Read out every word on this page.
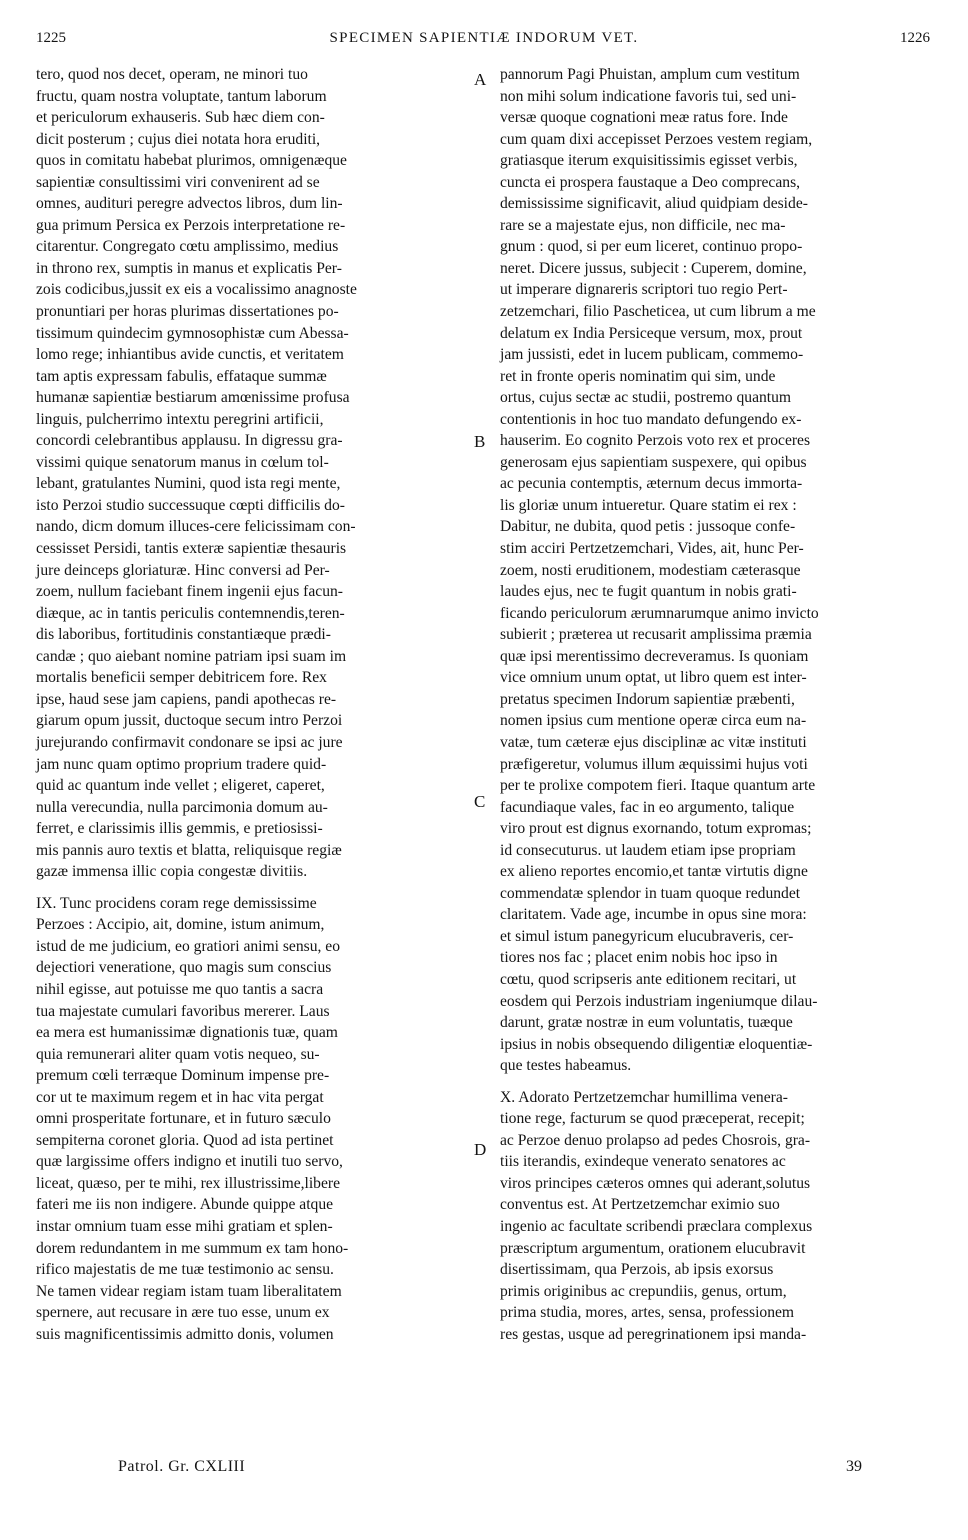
1225	SPECIMEN SAPIENTIÆ INDORUM VET.	1226

tero, quod nos decet, operam, ne minori tuo

fructu, quam nostra voluptate, tantum laborum

et periculorum exhauseris. Sub hæc diem con-

dicit posterum ; cujus diei notata hora eruditi,

quos in comitatu habebat plurimos, omnigenæque

sapientiæ consultissimi viri convenirent ad se

omnes, audituri peregre advectos libros, dum lin-

gua primum Persica ex Perzois interpretatione re-

citarentur. Congregato cœtu amplissimo, medius

in throno rex, sumptis in manus et explicatis Per-

zois codicibus,jussit ex eis a vocalissimo anagnoste

pronuntiari per horas plurimas dissertationes po-

tissimum quindecim gymnosophistæ cum Abessa-

lomo rege; inhiantibus avide cunctis, et veritatem

tam aptis expressam fabulis, effataque summæ

humanæ sapientiæ bestiarum amœnissime profusa

linguis, pulcherrimo intextu peregrini artificii,

concordi celebrantibus applausu. In digressu gra-

vissimi quique senatorum manus in cœlum tol-

lebant, gratulantes Numini, quod ista regi mente,

isto Perzoi studio successuque cœpti difficilis do-

nando, dicm domum illuces-cere felicissimam con-

cessisset Persidi, tantis exteræ sapientiæ thesauris

jure deinceps gloriaturæ. Hinc conversi ad Per-

zoem, nullum faciebant finem ingenii ejus facun-

diæque, ac in tantis periculis contemnendis,teren-

dis laboribus, fortitudinis constantiæque prædi-

candæ ; quo aiebant nomine patriam ipsi suam im

mortalis beneficii semper debitricem fore. Rex

ipse, haud sese jam capiens, pandi apothecas re-

giarum opum jussit, ductoque secum intro Perzoi

jurejurando confirmavit condonare se ipsi ac jure

jam nunc quam optimo proprium tradere quid-

quid ac quantum inde vellet ; eligeret, caperet,

nulla verecundia, nulla parcimonia domum au-

ferret, e clarissimis illis gemmis, e pretiosissi-

mis pannis auro textis et blatta, reliquisque regiæ

gazæ immensa illic copia congestæ divitiis.

IX. Tunc procidens coram rege demississime

Perzoes : Accipio, ait, domine, istum animum,

istud de me judicium, eo gratiori animi sensu, eo

dejectiori veneratione, quo magis sum conscius

nihil egisse, aut potuisse me quo tantis a sacra

tua majestate cumulari favoribus mererer. Laus

ea mera est humanissimæ dignationis tuæ, quam

quia remunerari aliter quam votis nequeo, su-

premum cœli terræque Dominum impense pre-

cor ut te maximum regem et in hac vita pergat

omni prosperitate fortunare, et in futuro sæculo

sempiterna coronet gloria. Quod ad ista pertinet

quæ largissime offers indigno et inutili tuo servo,

liceat, quæso, per te mihi, rex illustrissime,libere

fateri me iis non indigere. Abunde quippe atque

instar omnium tuam esse mihi gratiam et splen-

dorem redundantem in me summum ex tam hono-

rifico majestatis de me tuæ testimonio ac sensu.

Ne tamen videar regiam istam tuam liberalitatem

spernere, aut recusare in ære tuo esse, unum ex

suis magnificentissimis admitto donis, volumen

pannorum Pagi Phuistan, amplum cum vestitum

non mihi solum indicatione favoris tui, sed uni-

versæ quoque cognationi meæ ratus fore. Inde

cum quam dixi accepisset Perzoes vestem regiam,

gratiasque iterum exquisitissimis egisset verbis,

cuncta ei prospera faustaque a Deo comprecans,

demississime significavit, aliud quidpiam deside-

rare se a majestate ejus, non difficile, nec ma-

gnum : quod, si per eum liceret, continuo propo-

neret. Dicere jussus, subjecit : Cuperem, domine,

ut imperare dignareris scriptori tuo regio Pert-

zetzemchari, filio Pascheticea, ut cum librum a me

delatum ex India Persiceque versum, mox, prout

jam jussisti, edet in lucem publicam, commemo-

ret in fronte operis nominatim qui sim, unde

ortus, cujus sectæ ac studii, postremo quantum

contentionis in hoc tuo mandato defungendo ex-

hauserim. Eo cognito Perzois voto rex et proceres

generosam ejus sapientiam suspexere, qui opibus

ac pecunia contemptis, æternum decus immorta-

lis gloriæ unum intueretur. Quare statim ei rex :

Dabitur, ne dubita, quod petis : jussoque confe-

stim acciri Pertzetzemchari, Vides, ait, hunc Per-

zoem, nosti eruditionem, modestiam cæterasque

laudes ejus, nec te fugit quantum in nobis grati-

ficando periculorum ærumnarumque animo invicto

subierit ; præterea ut recusarit amplissima præmia

quæ ipsi merentissimo decreveramus. Is quoniam

vice omnium unum optat, ut libro quem est inter-

pretatus specimen Indorum sapientiæ præbenti,

nomen ipsius cum mentione operæ circa eum na-

vatæ, tum cæteræ ejus disciplinæ ac vitæ instituti

præfigeretur, volumus illum æquissimi hujus voti

per te prolixe compotem fieri. Itaque quantum arte

facundiaque vales, fac in eo argumento, talique

viro prout est dignus exornando, totum expromas;

id consecuturus. ut laudem etiam ipse propriam

ex alieno reportes encomio,et tantæ virtutis digne

commendatæ splendor in tuam quoque redundet

claritatem. Vade age, incumbe in opus sine mora:

et simul istum panegyricum elucubraveris, cer-

tiores nos fac ; placet enim nobis hoc ipso in

cœtu, quod scripseris ante editionem recitari, ut

eosdem qui Perzois industriam ingeniumque dilau-

darunt, gratæ nostræ in eum voluntatis, tuæque

ipsius in nobis obsequendo diligentiæ eloquentiæ-

que testes habeamus.

X. Adorato Pertzetzemchar humillima venera-

tione rege, facturum se quod præceperat, recepit;

ac Perzoe denuo prolapso ad pedes Chosrois, gra-

tiis iterandis, exindeque venerato senatores ac

viros principes cæteros omnes qui aderant,solutus

conventus est. At Pertzetzemchar eximio suo

ingenio ac facultate scribendi præclara complexus

præscriptum argumentum, orationem elucubravit

disertissimam, qua Perzois, ab ipsis exorsus

primis originibus ac crepundiis, genus, ortum,

prima studia, mores, artes, sensa, professionem

res gestas, usque ad peregrinationem ipsi manda-

A
B
C
D
Patrol. Gr. CXLIII	39
